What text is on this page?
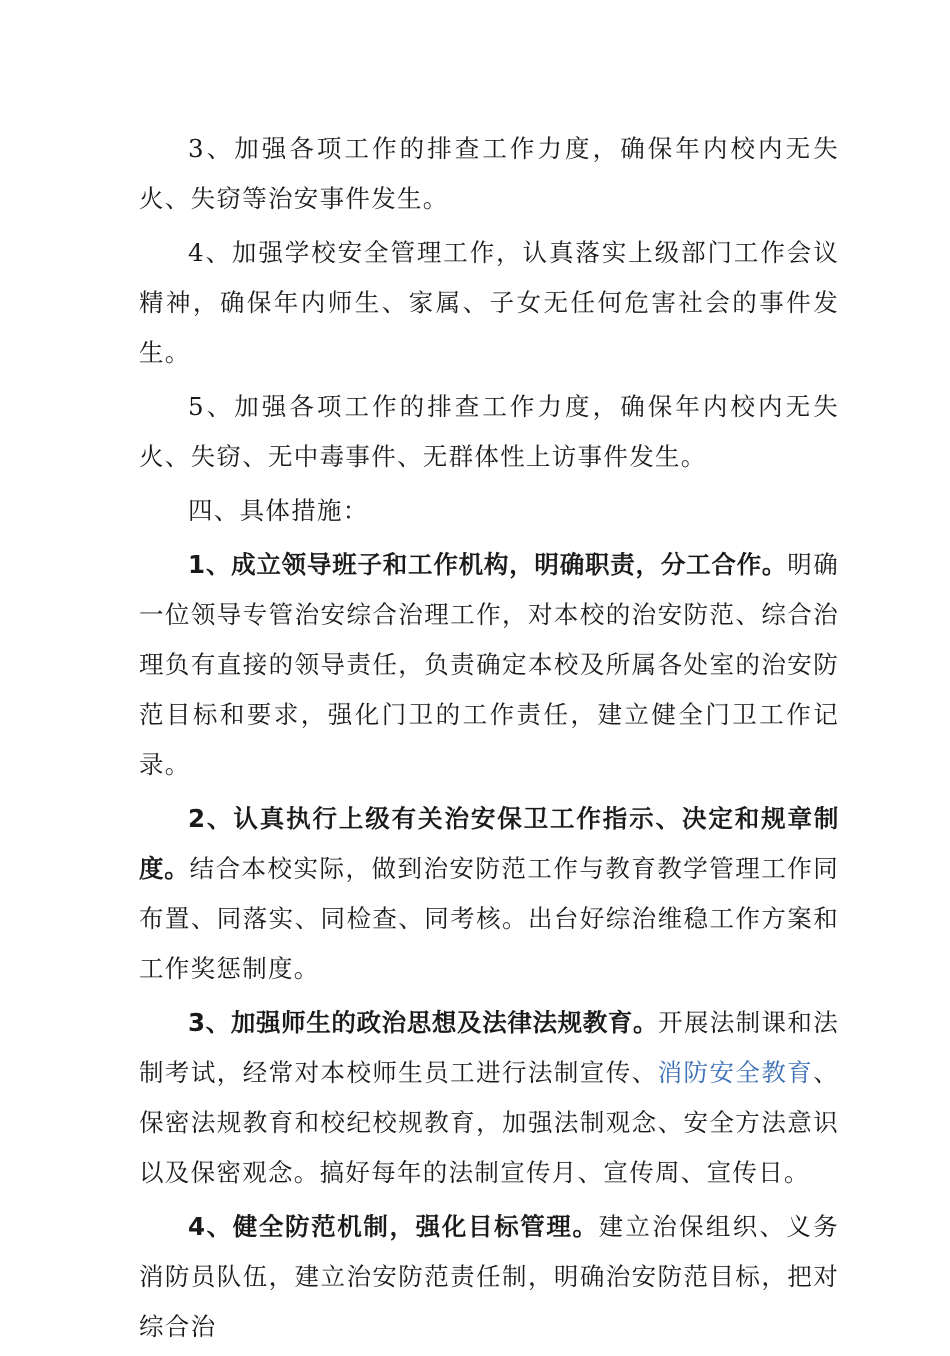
3、加强各项工作的排查工作力度，确保年内校内无失火、失窃等治安事件发生。

4、加强学校安全管理工作，认真落实上级部门工作会议精神，确保年内师生、家属、子女无任何危害社会的事件发生。

5、加强各项工作的排查工作力度，确保年内校内无失火、失窃、无中毒事件、无群体性上访事件发生。

四、具体措施：

1、成立领导班子和工作机构，明确职责，分工合作。明确一位领导专管治安综合治理工作，对本校的治安防范、综合治理负有直接的领导责任，负责确定本校及所属各处室的治安防范目标和要求，强化门卫的工作责任，建立健全门卫工作记录。

2、认真执行上级有关治安保卫工作指示、决定和规章制度。结合本校实际，做到治安防范工作与教育教学管理工作同布置、同落实、同检查、同考核。出台好综治维稳工作方案和工作奖惩制度。

3、加强师生的政治思想及法律法规教育。开展法制课和法制考试，经常对本校师生员工进行法制宣传、消防安全教育、保密法规教育和校纪校规教育，加强法制观念、安全方法意识以及保密观念。搞好每年的法制宣传月、宣传周、宣传日。

4、健全防范机制，强化目标管理。建立治保组织、义务消防员队伍，建立治安防范责任制，明确治安防范目标，把对综合治
